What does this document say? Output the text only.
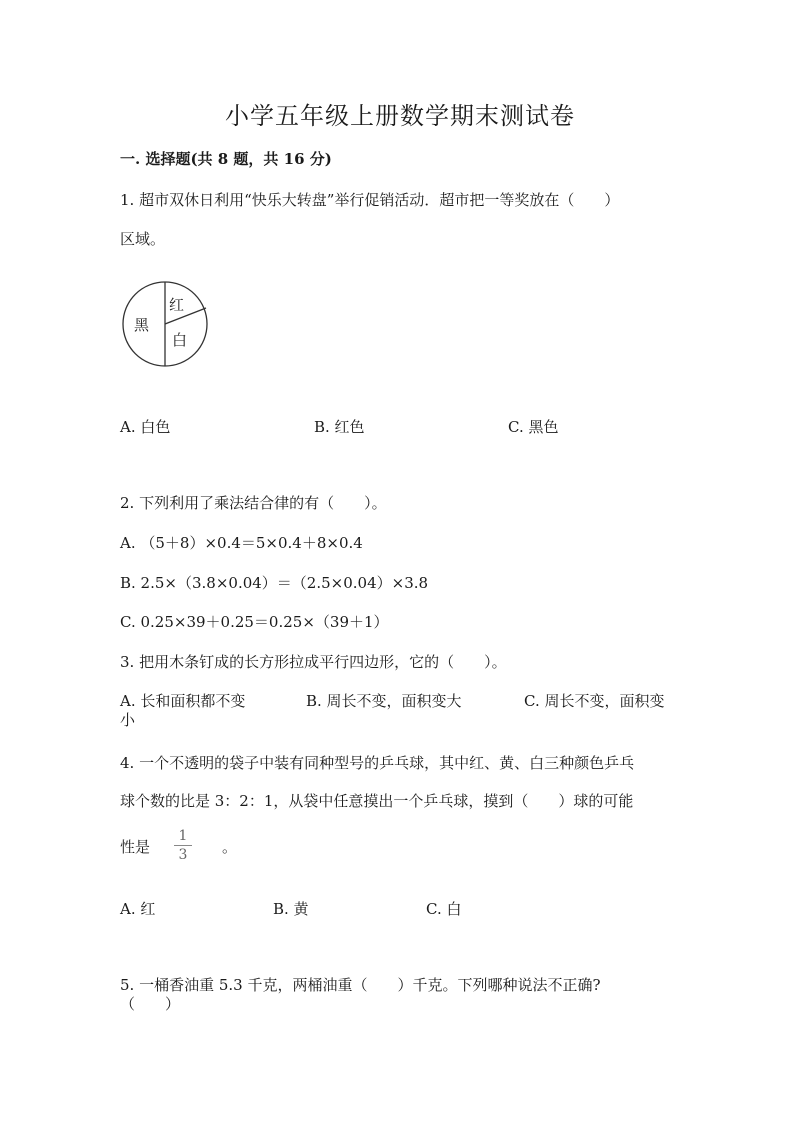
小学五年级上册数学期末测试卷
一. 选择题(共 8 题，共 16 分)
1. 超市双休日利用“快乐大转盘”举行促销活动．超市把一等奖放在（　　）
区域。
红
白
黑
A. 白色	B. 红色	C. 黑色
2. 下列利用了乘法结合律的有（　　）。
A. （5＋8）×0.4＝5×0.4＋8×0.4
B. 2.5×（3.8×0.04）＝（2.5×0.04）×3.8
C. 0.25×39＋0.25＝0.25×（39＋1）
3. 把用木条钉成的长方形拉成平行四边形，它的（　　）。
A. 长和面积都不变	B. 周长不变，面积变大	C. 周长不变，面积变
小
4. 一个不透明的袋子中装有同种型号的乒乓球，其中红、黄、白三种颜色乒乓
球个数的比是 3：2：1，从袋中任意摸出一个乒乓球，摸到（　　）球的可能
性是
1
3	。
A. 红	B. 黄	C. 白
5. 一桶香油重 5.3 千克，两桶油重（　　）千克。下列哪种说法不正确?
（　　）
